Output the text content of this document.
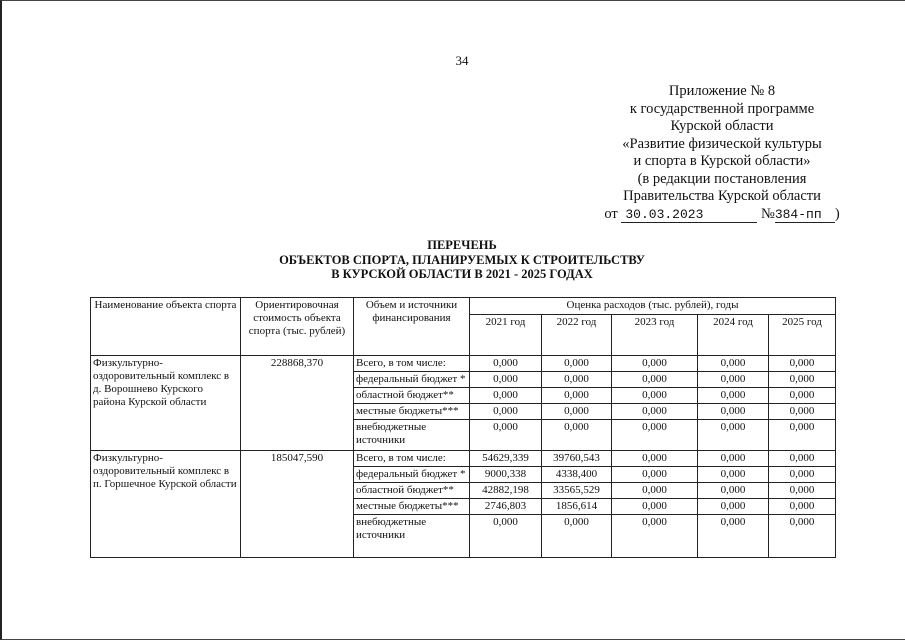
34
Приложение № 8
к государственной программе
Курской области
«Развитие физической культуры
и спорта в Курской области»
(в редакции постановления
Правительства Курской области
от 30.03.2023	№384-пп )
ПЕРЕЧЕНЬ
ОБЪЕКТОВ СПОРТА, ПЛАНИРУЕМЫХ К СТРОИТЕЛЬСТВУ
В КУРСКОЙ ОБЛАСТИ В 2021 - 2025 ГОДАХ
Наименование объекта спорта	Ориентировочная стоимость объекта спорта (тыс. рублей)	Объем и источники финансирования	Оценка расходов (тыс. рублей), годы				
			2021 год	2022 год	2023 год	2024 год	2025 год
Физкультурно-оздоровительный комплекс в д. Ворошнево Курского района Курской области	228868,370	Всего, в том числе:	0,000	0,000	0,000	0,000	0,000
		федеральный бюджет *	0,000	0,000	0,000	0,000	0,000
		областной бюджет**	0,000	0,000	0,000	0,000	0,000
		местные бюджеты***	0,000	0,000	0,000	0,000	0,000
		внебюджетные источники	0,000	0,000	0,000	0,000	0,000
Физкультурно-оздоровительный комплекс в п. Горшечное Курской области	185047,590	Всего, в том числе:	54629,339	39760,543	0,000	0,000	0,000
		федеральный бюджет *	9000,338	4338,400	0,000	0,000	0,000
		областной бюджет**	42882,198	33565,529	0,000	0,000	0,000
		местные бюджеты***	2746,803	1856,614	0,000	0,000	0,000
		внебюджетные источники	0,000	0,000	0,000	0,000	0,000
